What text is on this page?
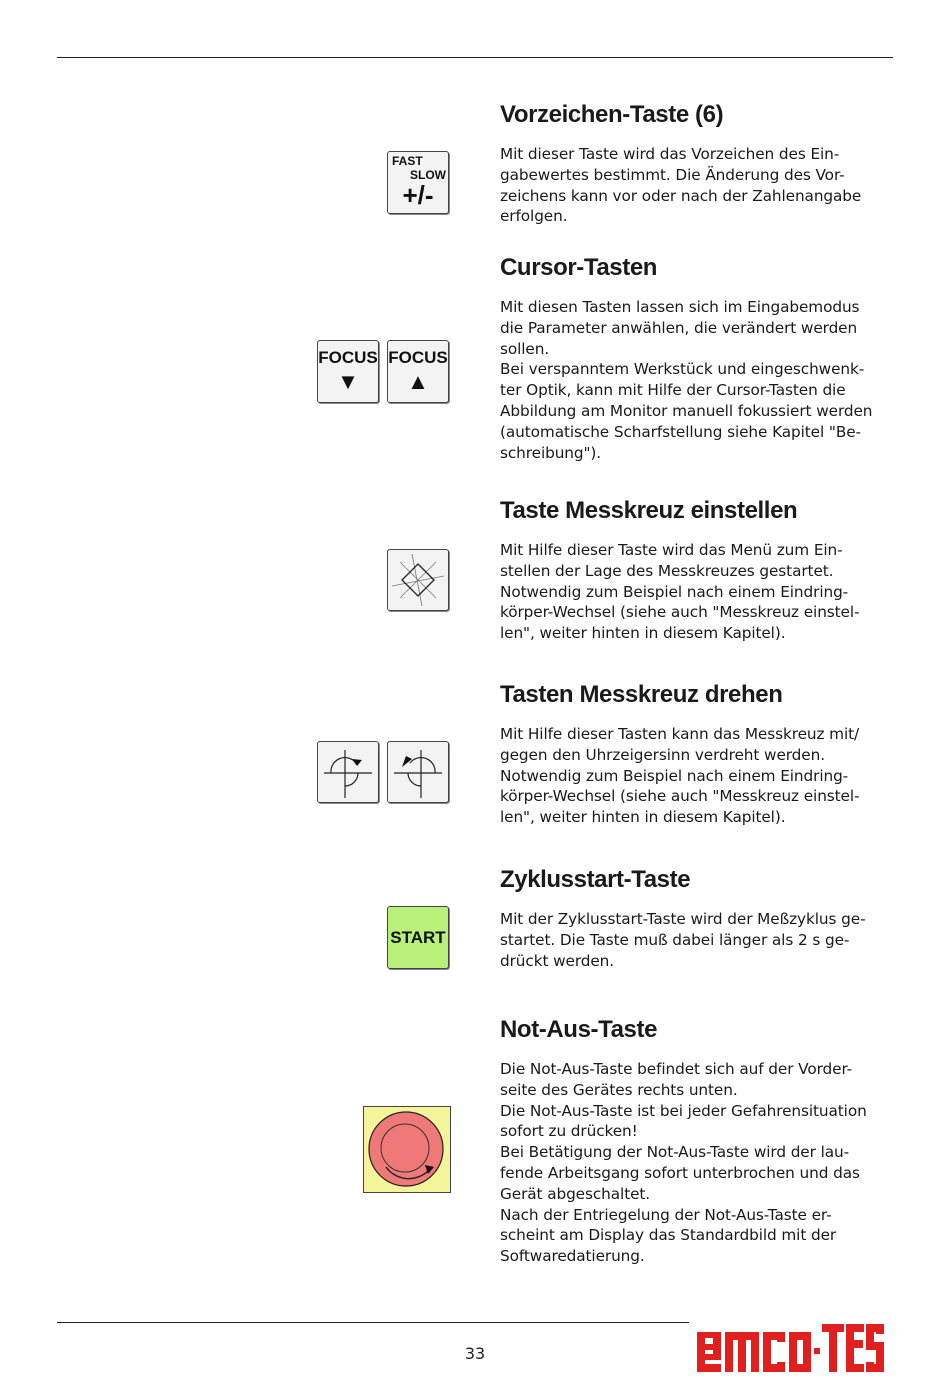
Vorzeichen-Taste (6)

Mit dieser Taste wird das Vorzeichen des Ein-
gabewertes bestimmt. Die Änderung des Vor-
zeichens kann vor oder nach der Zahlenangabe
erfolgen.

Cursor-Tasten

Mit diesen Tasten lassen sich im Eingabemodus
die Parameter anwählen, die verändert werden
sollen.
Bei verspanntem Werkstück und eingeschwenk-
ter Optik, kann mit Hilfe der Cursor-Tasten die
Abbildung am Monitor manuell fokussiert werden
(automatische Scharfstellung siehe Kapitel "Be-
schreibung").

Taste Messkreuz einstellen

Mit Hilfe dieser Taste wird das Menü zum Ein-
stellen der Lage des Messkreuzes gestartet.
Notwendig zum Beispiel nach einem Eindring-
körper-Wechsel (siehe auch "Messkreuz einstel-
len", weiter hinten in diesem Kapitel).

Tasten Messkreuz drehen

Mit Hilfe dieser Tasten kann das Messkreuz mit/
gegen den Uhrzeigersinn verdreht werden.
Notwendig zum Beispiel nach einem Eindring-
körper-Wechsel (siehe auch "Messkreuz einstel-
len", weiter hinten in diesem Kapitel).

Zyklusstart-Taste

Mit der Zyklusstart-Taste wird der Meßzyklus ge-
startet. Die Taste muß dabei länger als 2 s ge-
drückt werden.

Not-Aus-Taste

Die Not-Aus-Taste befindet sich auf der Vorder-
seite des Gerätes rechts unten.
Die Not-Aus-Taste ist bei jeder Gefahrensituation
sofort zu drücken!
Bei Betätigung der Not-Aus-Taste wird der lau-
fende Arbeitsgang sofort unterbrochen und das
Gerät abgeschaltet.
Nach der Entriegelung der Not-Aus-Taste er-
scheint am Display das Standardbild mit der
Softwaredatierung.

FAST
SLOW
+/-
FOCUS
▼
FOCUS
▲
START
33
